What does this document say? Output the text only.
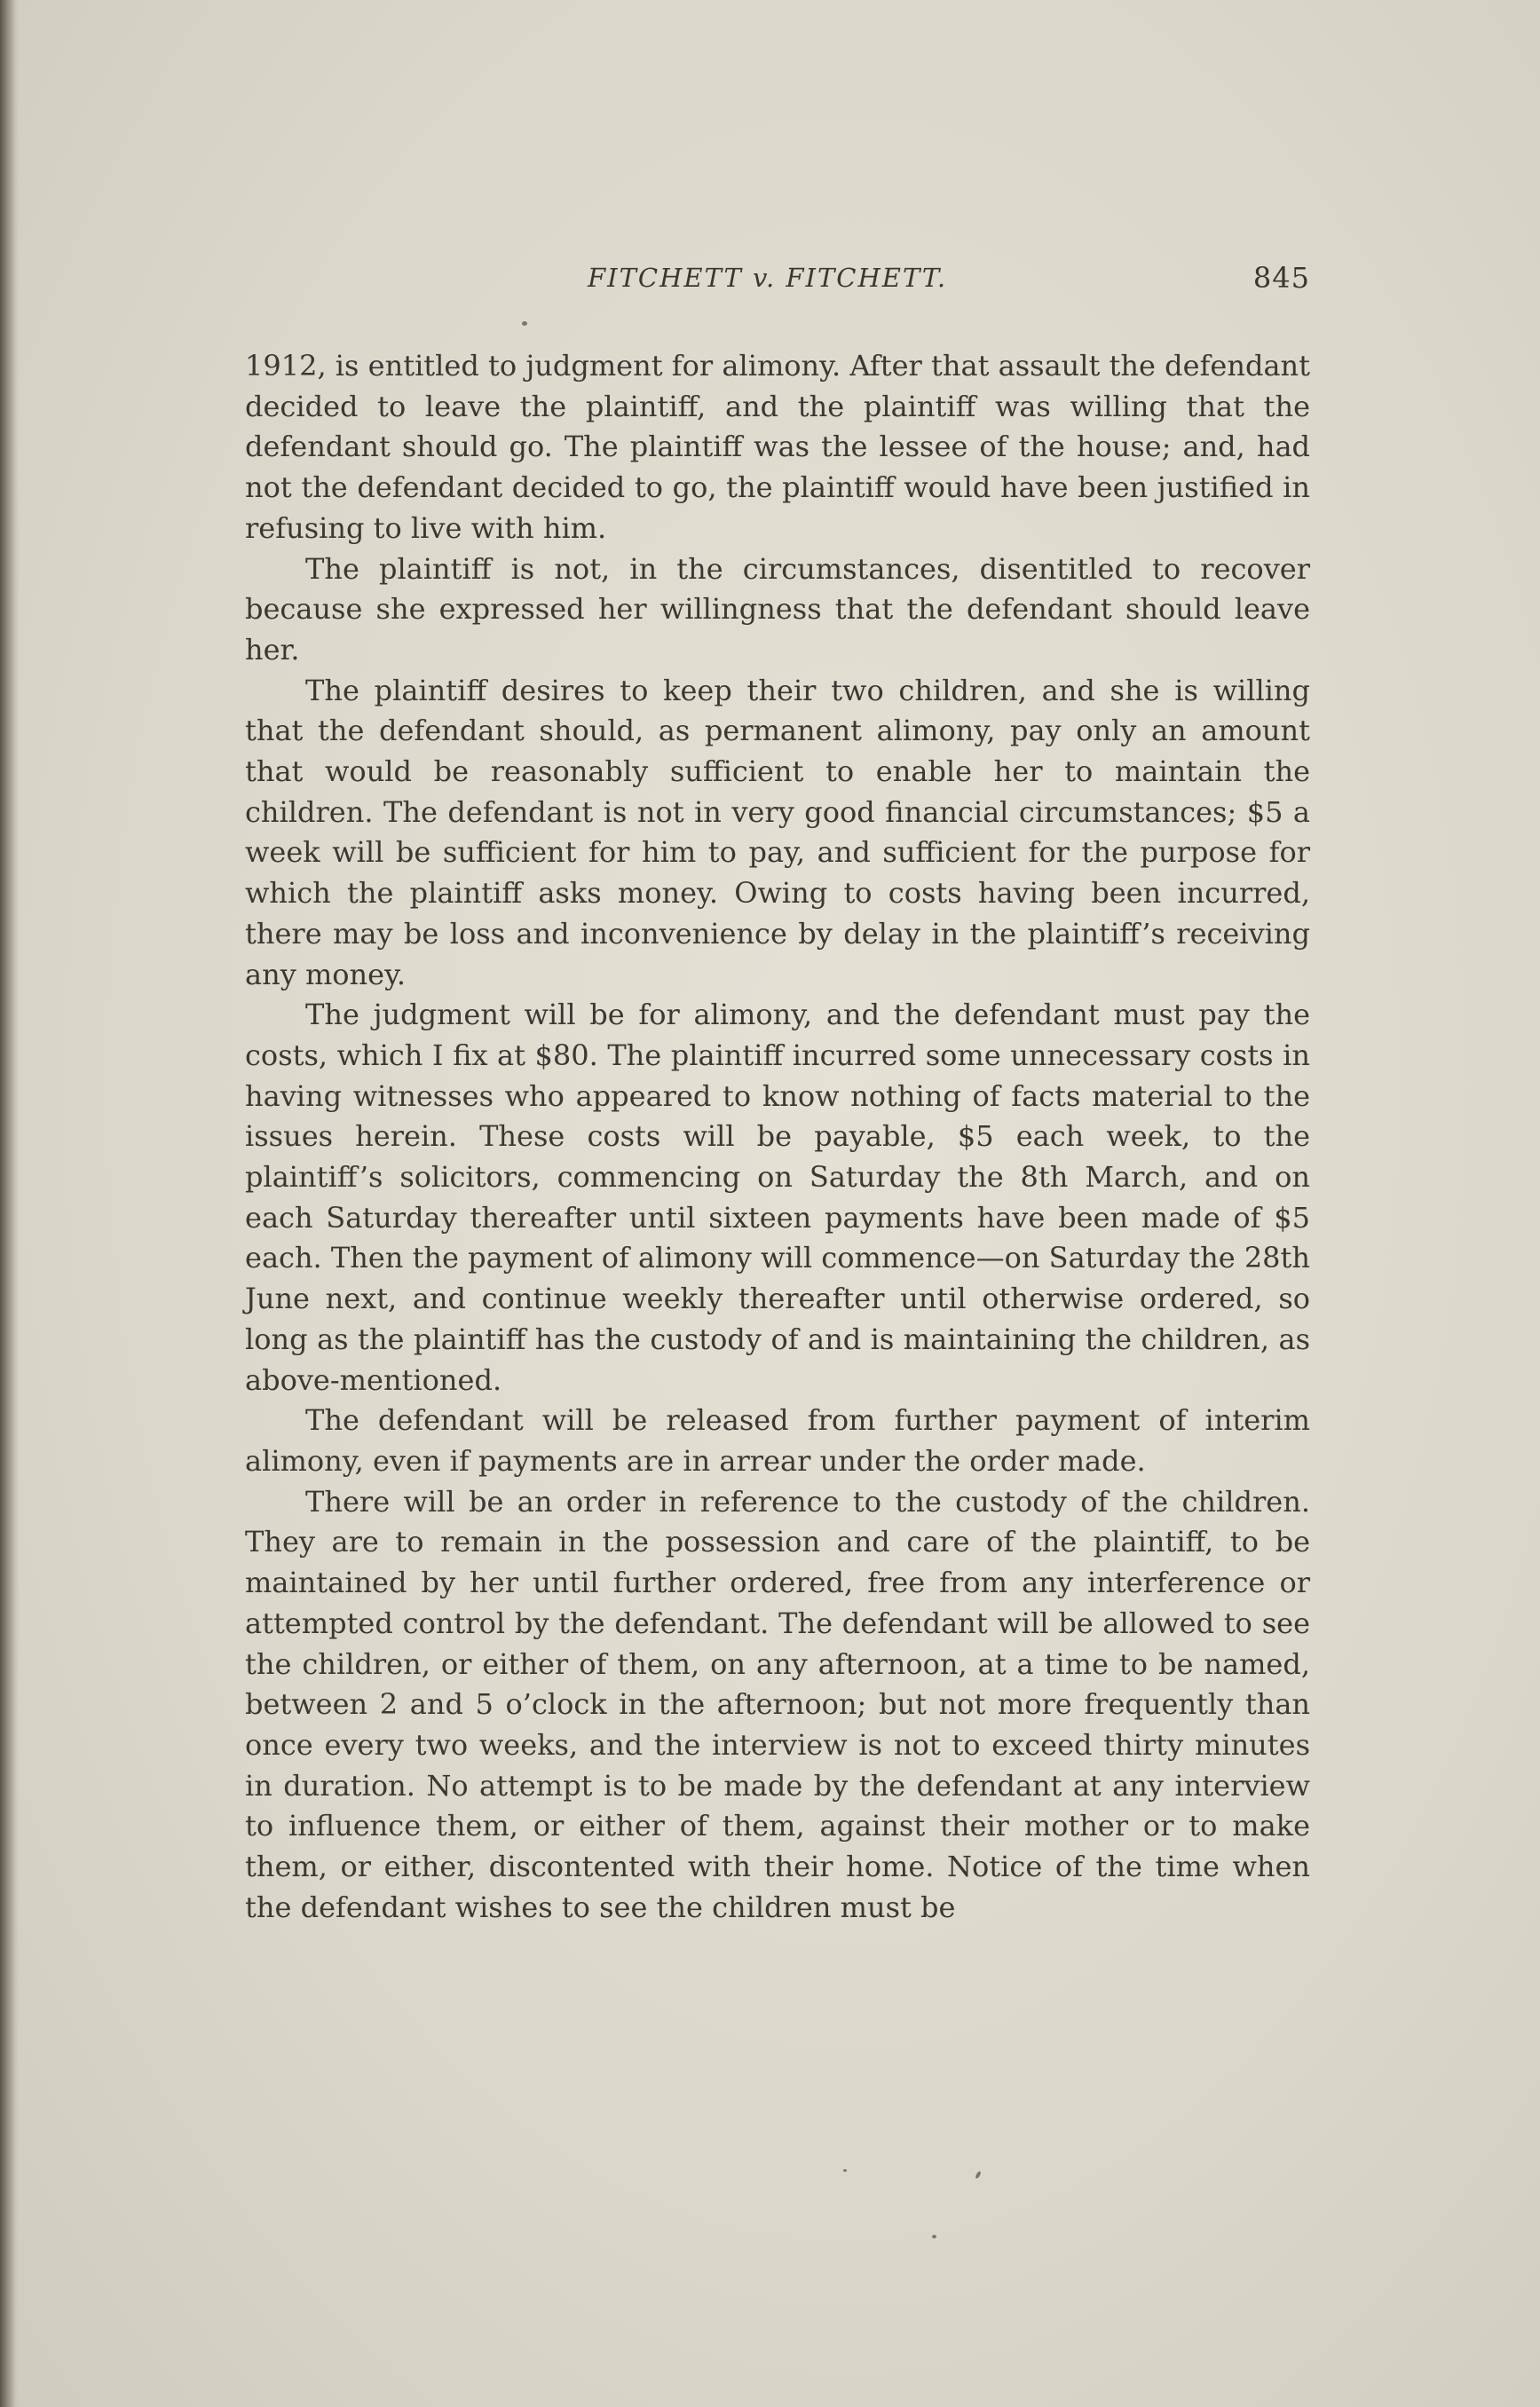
FITCHETT v. FITCHETT.	845

1912, is entitled to judgment for alimony. After that assault the defendant decided to leave the plaintiff, and the plaintiff was willing that the defendant should go. The plaintiff was the lessee of the house; and, had not the defendant decided to go, the plaintiff would have been justified in refusing to live with him.

The plaintiff is not, in the circumstances, disentitled to recover because she expressed her willingness that the defendant should leave her.

The plaintiff desires to keep their two children, and she is willing that the defendant should, as permanent alimony, pay only an amount that would be reasonably sufficient to enable her to maintain the children. The defendant is not in very good financial circumstances; $5 a week will be sufficient for him to pay, and sufficient for the purpose for which the plaintiff asks money. Owing to costs having been incurred, there may be loss and inconvenience by delay in the plaintiff’s receiving any money.

The judgment will be for alimony, and the defendant must pay the costs, which I fix at $80. The plaintiff incurred some unnecessary costs in having witnesses who appeared to know nothing of facts material to the issues herein. These costs will be payable, $5 each week, to the plaintiff’s solicitors, commencing on Saturday the 8th March, and on each Saturday thereafter until sixteen payments have been made of $5 each. Then the payment of alimony will commence—on Saturday the 28th June next, and continue weekly thereafter until otherwise ordered, so long as the plaintiff has the custody of and is maintaining the children, as above-mentioned.

The defendant will be released from further payment of interim alimony, even if payments are in arrear under the order made.

There will be an order in reference to the custody of the children. They are to remain in the possession and care of the plaintiff, to be maintained by her until further ordered, free from any interference or attempted control by the defendant. The defendant will be allowed to see the children, or either of them, on any afternoon, at a time to be named, between 2 and 5 o’clock in the afternoon; but not more frequently than once every two weeks, and the interview is not to exceed thirty minutes in duration. No attempt is to be made by the defendant at any interview to influence them, or either of them, against their mother or to make them, or either, discontented with their home. Notice of the time when the defendant wishes to see the children must be
